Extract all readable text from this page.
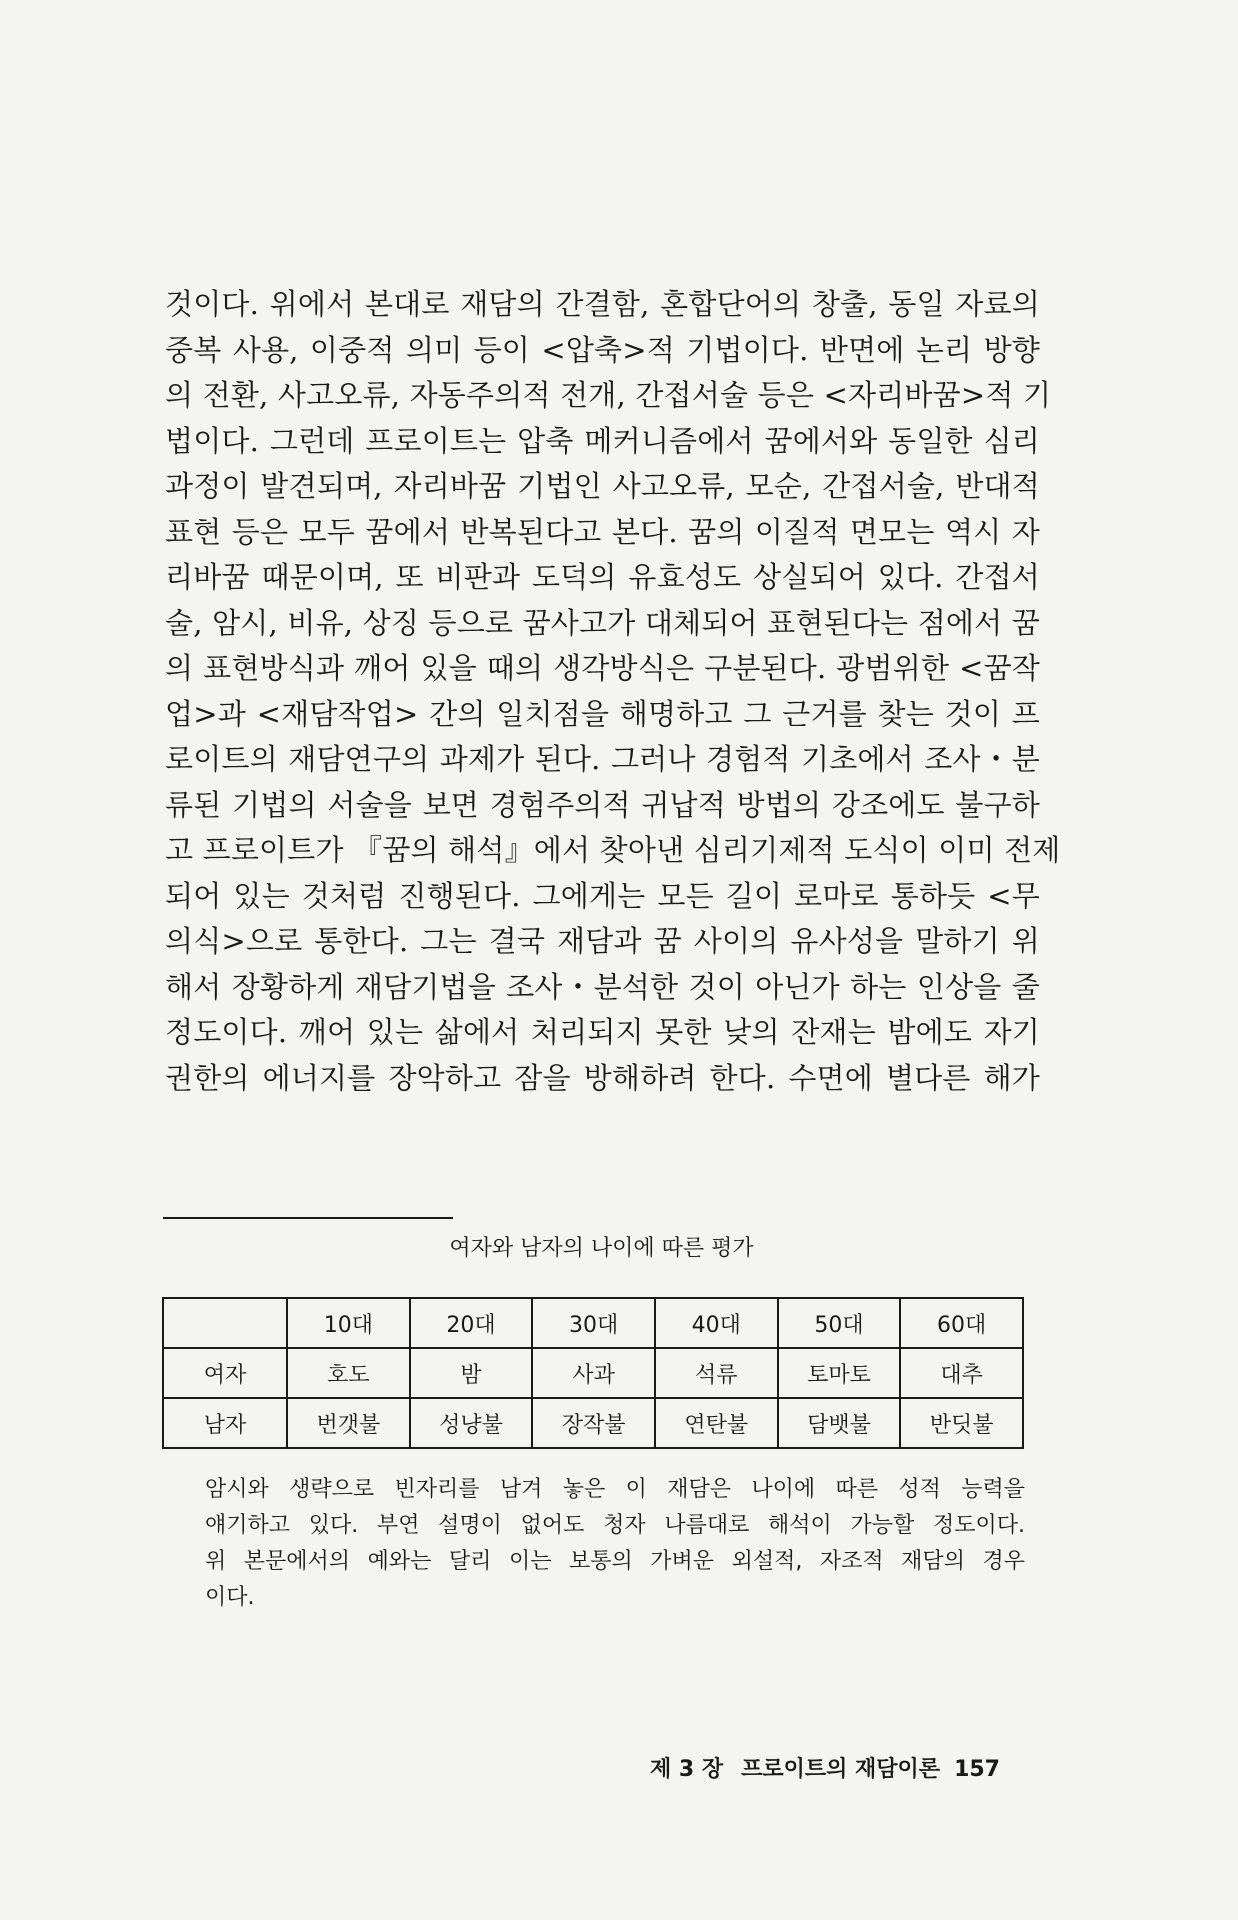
것이다. 위에서 본대로 재담의 간결함, 혼합단어의 창출, 동일 자료의
중복 사용, 이중적 의미 등이 <압축>적 기법이다. 반면에 논리 방향
의 전환, 사고오류, 자동주의적 전개, 간접서술 등은 <자리바꿈>적 기
법이다. 그런데 프로이트는 압축 메커니즘에서 꿈에서와 동일한 심리
과정이 발견되며, 자리바꿈 기법인 사고오류, 모순, 간접서술, 반대적
표현 등은 모두 꿈에서 반복된다고 본다. 꿈의 이질적 면모는 역시 자
리바꿈 때문이며, 또 비판과 도덕의 유효성도 상실되어 있다. 간접서
술, 암시, 비유, 상징 등으로 꿈사고가 대체되어 표현된다는 점에서 꿈
의 표현방식과 깨어 있을 때의 생각방식은 구분된다. 광범위한 <꿈작
업>과 <재담작업> 간의 일치점을 해명하고 그 근거를 찾는 것이 프
로이트의 재담연구의 과제가 된다. 그러나 경험적 기초에서 조사・분
류된 기법의 서술을 보면 경험주의적 귀납적 방법의 강조에도 불구하
고 프로이트가 『꿈의 해석』에서 찾아낸 심리기제적 도식이 이미 전제
되어 있는 것처럼 진행된다. 그에게는 모든 길이 로마로 통하듯 <무
의식>으로 통한다. 그는 결국 재담과 꿈 사이의 유사성을 말하기 위
해서 장황하게 재담기법을 조사・분석한 것이 아닌가 하는 인상을 줄
정도이다. 깨어 있는 삶에서 처리되지 못한 낮의 잔재는 밤에도 자기
권한의 에너지를 장악하고 잠을 방해하려 한다. 수면에 별다른 해가
여자와 남자의 나이에 따른 평가
	10대	20대	30대	40대	50대	60대
여자	호도	밤	사과	석류	토마토	대추
남자	번갯불	성냥불	장작불	연탄불	담뱃불	반딧불
암시와 생략으로 빈자리를 남겨 놓은 이 재담은 나이에 따른 성적 능력을
얘기하고 있다. 부연 설명이 없어도 청자 나름대로 해석이 가능할 정도이다.
위 본문에서의 예와는 달리 이는 보통의 가벼운 외설적, 자조적 재담의 경우
이다.
제 3 장 프로이트의 재담이론 157
